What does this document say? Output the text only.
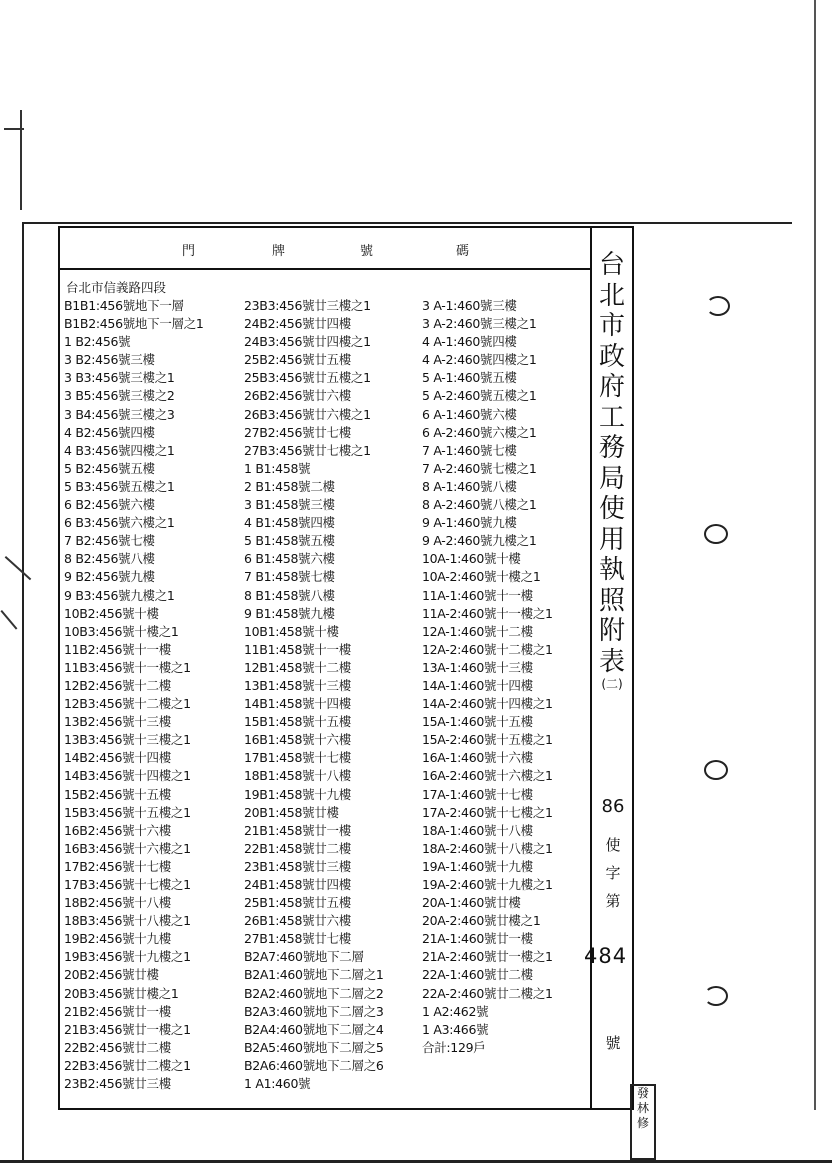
門	牌	號	碼
台北市信義路四段
B1B1:456號地下一層
B1B2:456號地下一層之1
1 B2:456號
3 B2:456號三樓
3 B3:456號三樓之1
3 B5:456號三樓之2
3 B4:456號三樓之3
4 B2:456號四樓
4 B3:456號四樓之1
5 B2:456號五樓
5 B3:456號五樓之1
6 B2:456號六樓
6 B3:456號六樓之1
7 B2:456號七樓
8 B2:456號八樓
9 B2:456號九樓
9 B3:456號九樓之1
10B2:456號十樓
10B3:456號十樓之1
11B2:456號十一樓
11B3:456號十一樓之1
12B2:456號十二樓
12B3:456號十二樓之1
13B2:456號十三樓
13B3:456號十三樓之1
14B2:456號十四樓
14B3:456號十四樓之1
15B2:456號十五樓
15B3:456號十五樓之1
16B2:456號十六樓
16B3:456號十六樓之1
17B2:456號十七樓
17B3:456號十七樓之1
18B2:456號十八樓
18B3:456號十八樓之1
19B2:456號十九樓
19B3:456號十九樓之1
20B2:456號廿樓
20B3:456號廿樓之1
21B2:456號廿一樓
21B3:456號廿一樓之1
22B2:456號廿二樓
22B3:456號廿二樓之1
23B2:456號廿三樓
23B3:456號廿三樓之1
24B2:456號廿四樓
24B3:456號廿四樓之1
25B2:456號廿五樓
25B3:456號廿五樓之1
26B2:456號廿六樓
26B3:456號廿六樓之1
27B2:456號廿七樓
27B3:456號廿七樓之1
1 B1:458號
2 B1:458號二樓
3 B1:458號三樓
4 B1:458號四樓
5 B1:458號五樓
6 B1:458號六樓
7 B1:458號七樓
8 B1:458號八樓
9 B1:458號九樓
10B1:458號十樓
11B1:458號十一樓
12B1:458號十二樓
13B1:458號十三樓
14B1:458號十四樓
15B1:458號十五樓
16B1:458號十六樓
17B1:458號十七樓
18B1:458號十八樓
19B1:458號十九樓
20B1:458號廿樓
21B1:458號廿一樓
22B1:458號廿二樓
23B1:458號廿三樓
24B1:458號廿四樓
25B1:458號廿五樓
26B1:458號廿六樓
27B1:458號廿七樓
B2A7:460號地下二層
B2A1:460號地下二層之1
B2A2:460號地下二層之2
B2A3:460號地下二層之3
B2A4:460號地下二層之4
B2A5:460號地下二層之5
B2A6:460號地下二層之6
1 A1:460號
3 A-1:460號三樓
3 A-2:460號三樓之1
4 A-1:460號四樓
4 A-2:460號四樓之1
5 A-1:460號五樓
5 A-2:460號五樓之1
6 A-1:460號六樓
6 A-2:460號六樓之1
7 A-1:460號七樓
7 A-2:460號七樓之1
8 A-1:460號八樓
8 A-2:460號八樓之1
9 A-1:460號九樓
9 A-2:460號九樓之1
10A-1:460號十樓
10A-2:460號十樓之1
11A-1:460號十一樓
11A-2:460號十一樓之1
12A-1:460號十二樓
12A-2:460號十二樓之1
13A-1:460號十三樓
14A-1:460號十四樓
14A-2:460號十四樓之1
15A-1:460號十五樓
15A-2:460號十五樓之1
16A-1:460號十六樓
16A-2:460號十六樓之1
17A-1:460號十七樓
17A-2:460號十七樓之1
18A-1:460號十八樓
18A-2:460號十八樓之1
19A-1:460號十九樓
19A-2:460號十九樓之1
20A-1:460號廿樓
20A-2:460號廿樓之1
21A-1:460號廿一樓
21A-2:460號廿一樓之1
22A-1:460號廿二樓
22A-2:460號廿二樓之1
1 A2:462號
1 A3:466號
合計:129戶
台
北
市
政
府
工
務
局
使
用
執
照
附
表
(二)
86
使
字
第
484
號
發
林
修
